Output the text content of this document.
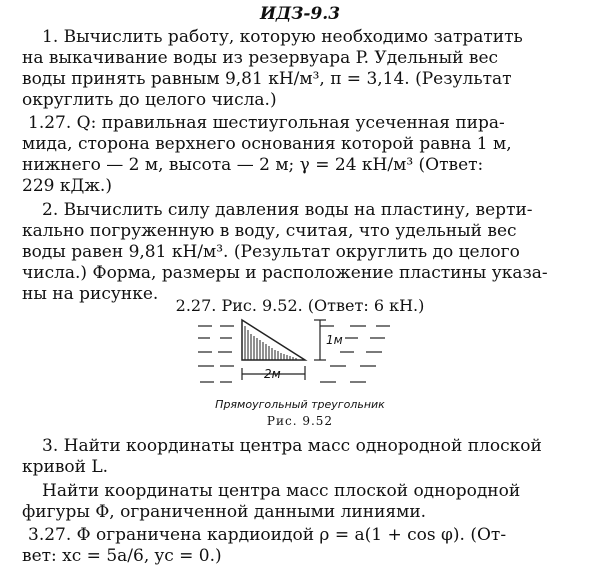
ИДЗ-9.3
1. Вычислить работу, которую необходимо затратить
на выкачивание воды из резервуара P. Удельный вес
воды принять равным 9,81 кН/м³, π = 3,14. (Результат
округлить до целого числа.)
1.27. Q: правильная шестиугольная усеченная пира-
мида, сторона верхнего основания которой равна 1 м,
нижнего — 2 м, высота — 2 м; γ = 24 кН/м³ (Ответ:
229 кДж.)
2. Вычислить силу давления воды на пластину, верти-
кально погруженную в воду, считая, что удельный вес
воды равен 9,81 кН/м³. (Результат округлить до целого
числа.) Форма, размеры и расположение пластины указа-
ны на рисунке.
2.27. Рис. 9.52. (Ответ: 6 кН.)
1м
2м
Прямоугольный треугольник
Рис. 9.52
3. Найти координаты центра масс однородной плоской
кривой L.
Найти координаты центра масс плоской однородной
фигуры Φ, ограниченной данными линиями.
3.27. Φ ограничена кардиоидой ρ = a(1 + cos φ). (От-
вет: xc = 5a/6, yc = 0.)
